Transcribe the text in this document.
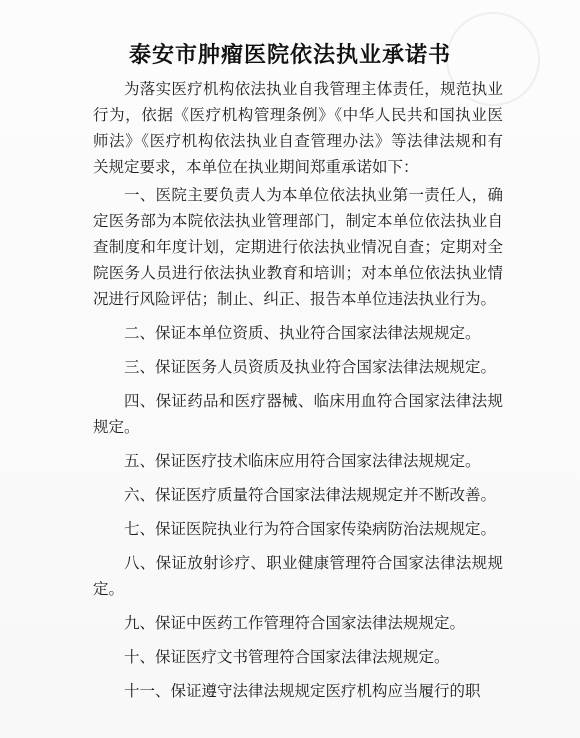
泰安市肿瘤医院依法执业承诺书

为落实医疗机构依法执业自我管理主体责任，规范执业行为，依据《医疗机构管理条例》《中华人民共和国执业医师法》《医疗机构依法执业自查管理办法》等法律法规和有关规定要求，本单位在执业期间郑重承诺如下：

一、医院主要负责人为本单位依法执业第一责任人，确定医务部为本院依法执业管理部门，制定本单位依法执业自查制度和年度计划，定期进行依法执业情况自查；定期对全院医务人员进行依法执业教育和培训；对本单位依法执业情况进行风险评估；制止、纠正、报告本单位违法执业行为。

二、保证本单位资质、执业符合国家法律法规规定。

三、保证医务人员资质及执业符合国家法律法规规定。

四、保证药品和医疗器械、临床用血符合国家法律法规规定。

五、保证医疗技术临床应用符合国家法律法规规定。

六、保证医疗质量符合国家法律法规规定并不断改善。

七、保证医院执业行为符合国家传染病防治法规规定。

八、保证放射诊疗、职业健康管理符合国家法律法规规定。

九、保证中医药工作管理符合国家法律法规规定。

十、保证医疗文书管理符合国家法律法规规定。

十一、保证遵守法律法规规定医疗机构应当履行的职
